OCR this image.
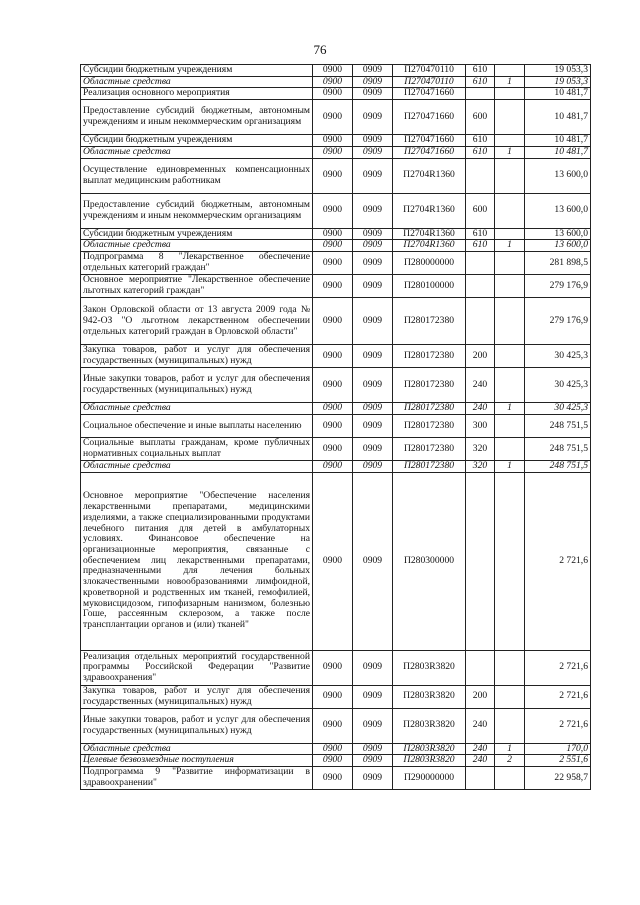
76
Субсидии бюджетным учреждениям	0900	0909	П270470110	610		19 053,3
Областные средства	0900	0909	П270470110	610	1	19 053,3
Реализация основного мероприятия	0900	0909	П270471660			10 481,7
Предоставление субсидий бюджетным, автономным учреждениям и иным некоммерческим организациям	0900	0909	П270471660	600		10 481,7
Субсидии бюджетным учреждениям	0900	0909	П270471660	610		10 481,7
Областные средства	0900	0909	П270471660	610	1	10 481,7
Осуществление единовременных компенсационных выплат медицинским работникам	0900	0909	П2704R1360			13 600,0
Предоставление субсидий бюджетным, автономным учреждениям и иным некоммерческим организациям	0900	0909	П2704R1360	600		13 600,0
Субсидии бюджетным учреждениям	0900	0909	П2704R1360	610		13 600,0
Областные средства	0900	0909	П2704R1360	610	1	13 600,0
Подпрограмма 8 "Лекарственное обеспечение отдельных категорий граждан"	0900	0909	П280000000			281 898,5
Основное мероприятие "Лекарственное обеспечение льготных категорий граждан"	0900	0909	П280100000			279 176,9
Закон Орловской области от 13 августа 2009 года № 942-ОЗ "О льготном лекарственном обеспечении отдельных категорий граждан в Орловской области"	0900	0909	П280172380			279 176,9
Закупка товаров, работ и услуг для обеспечения государственных (муниципальных) нужд	0900	0909	П280172380	200		30 425,3
Иные закупки товаров, работ и услуг для обеспечения государственных (муниципальных) нужд	0900	0909	П280172380	240		30 425,3
Областные средства	0900	0909	П280172380	240	1	30 425,3
Социальное обеспечение и иные выплаты населению	0900	0909	П280172380	300		248 751,5
Социальные выплаты гражданам, кроме публичных нормативных социальных выплат	0900	0909	П280172380	320		248 751,5
Областные средства	0900	0909	П280172380	320	1	248 751,5
Основное мероприятие "Обеспечение населения лекарственными препаратами, медицинскими изделиями, а также специализированными продуктами лечебного питания для детей в амбулаторных условиях. Финансовое обеспечение на организационные мероприятия, связанные с обеспечением лиц лекарственными препаратами, предназначенными для лечения больных злокачественными новообразованиями лимфоидной, кроветворной и родственных им тканей, гемофилией, муковисцидозом, гипофизарным нанизмом, болезнью Гоше, рассеянным склерозом, а также после трансплантации органов и (или) тканей"	0900	0909	П280300000			2 721,6
Реализация отдельных мероприятий государственной программы Российской Федерации "Развитие здравоохранения"	0900	0909	П2803R3820			2 721,6
Закупка товаров, работ и услуг для обеспечения государственных (муниципальных) нужд	0900	0909	П2803R3820	200		2 721,6
Иные закупки товаров, работ и услуг для обеспечения государственных (муниципальных) нужд	0900	0909	П2803R3820	240		2 721,6
Областные средства	0900	0909	П2803R3820	240	1	170,0
Целевые безвозмездные поступления	0900	0909	П2803R3820	240	2	2 551,6
Подпрограмма 9 "Развитие информатизации в здравоохранении"	0900	0909	П290000000			22 958,7
